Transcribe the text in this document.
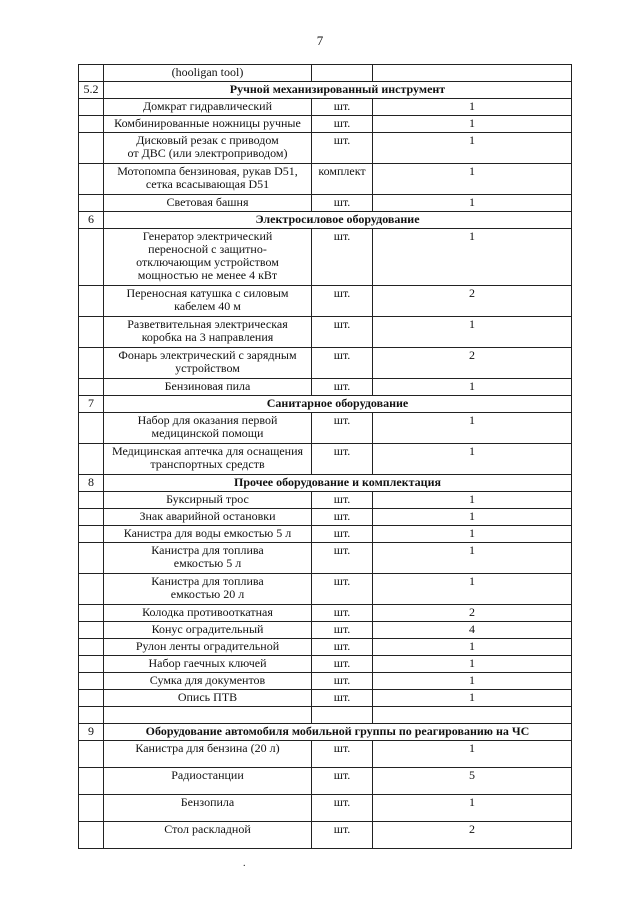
7
	(hooligan tool)		
5.2	Ручной механизированный инструмент		
	Домкрат гидравлический	шт.	1
	Комбинированные ножницы ручные	шт.	1
	Дисковый резак с приводом
от ДВС (или электроприводом)	шт.	1
	Мотопомпа бензиновая, рукав D51,
сетка всасывающая D51	комплект	1
	Световая башня	шт.	1
6	Электросиловое оборудование		
	Генератор электрический
переносной с защитно-
отключающим устройством
мощностью не менее 4 кВт	шт.	1
	Переносная катушка с силовым
кабелем 40 м	шт.	2
	Разветвительная электрическая
коробка на 3 направления	шт.	1
	Фонарь электрический с зарядным
устройством	шт.	2
	Бензиновая пила	шт.	1
7	Санитарное оборудование		
	Набор для оказания первой
медицинской помощи	шт.	1
	Медицинская аптечка для оснащения
транспортных средств	шт.	1
8	Прочее оборудование и комплектация		
	Буксирный трос	шт.	1
	Знак аварийной остановки	шт.	1
	Канистра для воды емкостью 5 л	шт.	1
	Канистра для топлива
емкостью 5 л	шт.	1
	Канистра для топлива
емкостью 20 л	шт.	1
	Колодка противооткатная	шт.	2
	Конус оградительный	шт.	4
	Рулон ленты оградительной	шт.	1
	Набор гаечных ключей	шт.	1
	Сумка для документов	шт.	1
	Опись ПТВ	шт.	1

9	Оборудование автомобиля мобильной группы по реагированию на ЧС		
	Канистра для бензина (20 л)	шт.	1
	Радиостанции	шт.	5
	Бензопила	шт.	1
	Стол раскладной	шт.	2
.
